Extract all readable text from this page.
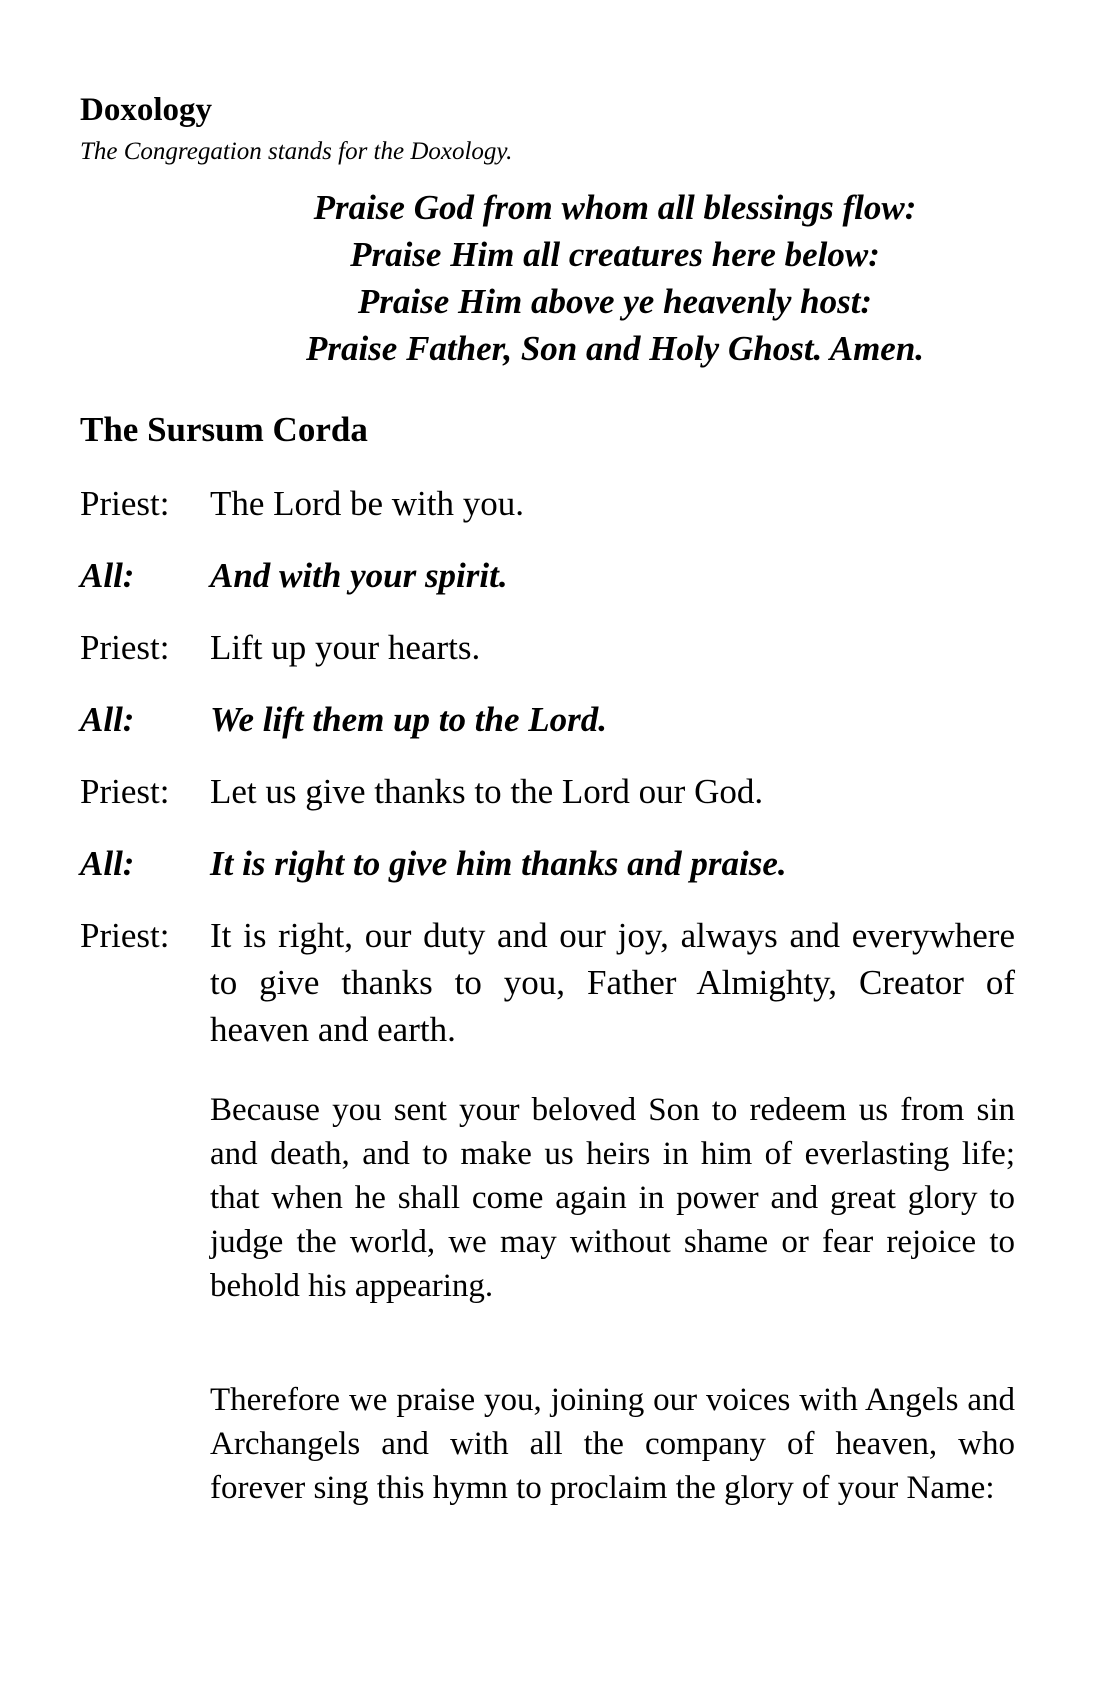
Doxology
The Congregation stands for the Doxology.
Praise God from whom all blessings flow:
Praise Him all creatures here below:
Praise Him above ye heavenly host:
Praise Father, Son and Holy Ghost. Amen.
The Sursum Corda
Priest:	The Lord be with you.
All:	And with your spirit.
Priest:	Lift up your hearts.
All:	We lift them up to the Lord.
Priest:	Let us give thanks to the Lord our God.
All:	It is right to give him thanks and praise.
Priest:	It is right, our duty and our joy, always and everywhere to give thanks to you, Father Almighty, Creator of heaven and earth.

Because you sent your beloved Son to redeem us from sin and death, and to make us heirs in him of everlasting life; that when he shall come again in power and great glory to judge the world, we may without shame or fear rejoice to behold his appearing.

Therefore we praise you, joining our voices with Angels and Archangels and with all the company of heaven, who forever sing this hymn to proclaim the glory of your Name:
